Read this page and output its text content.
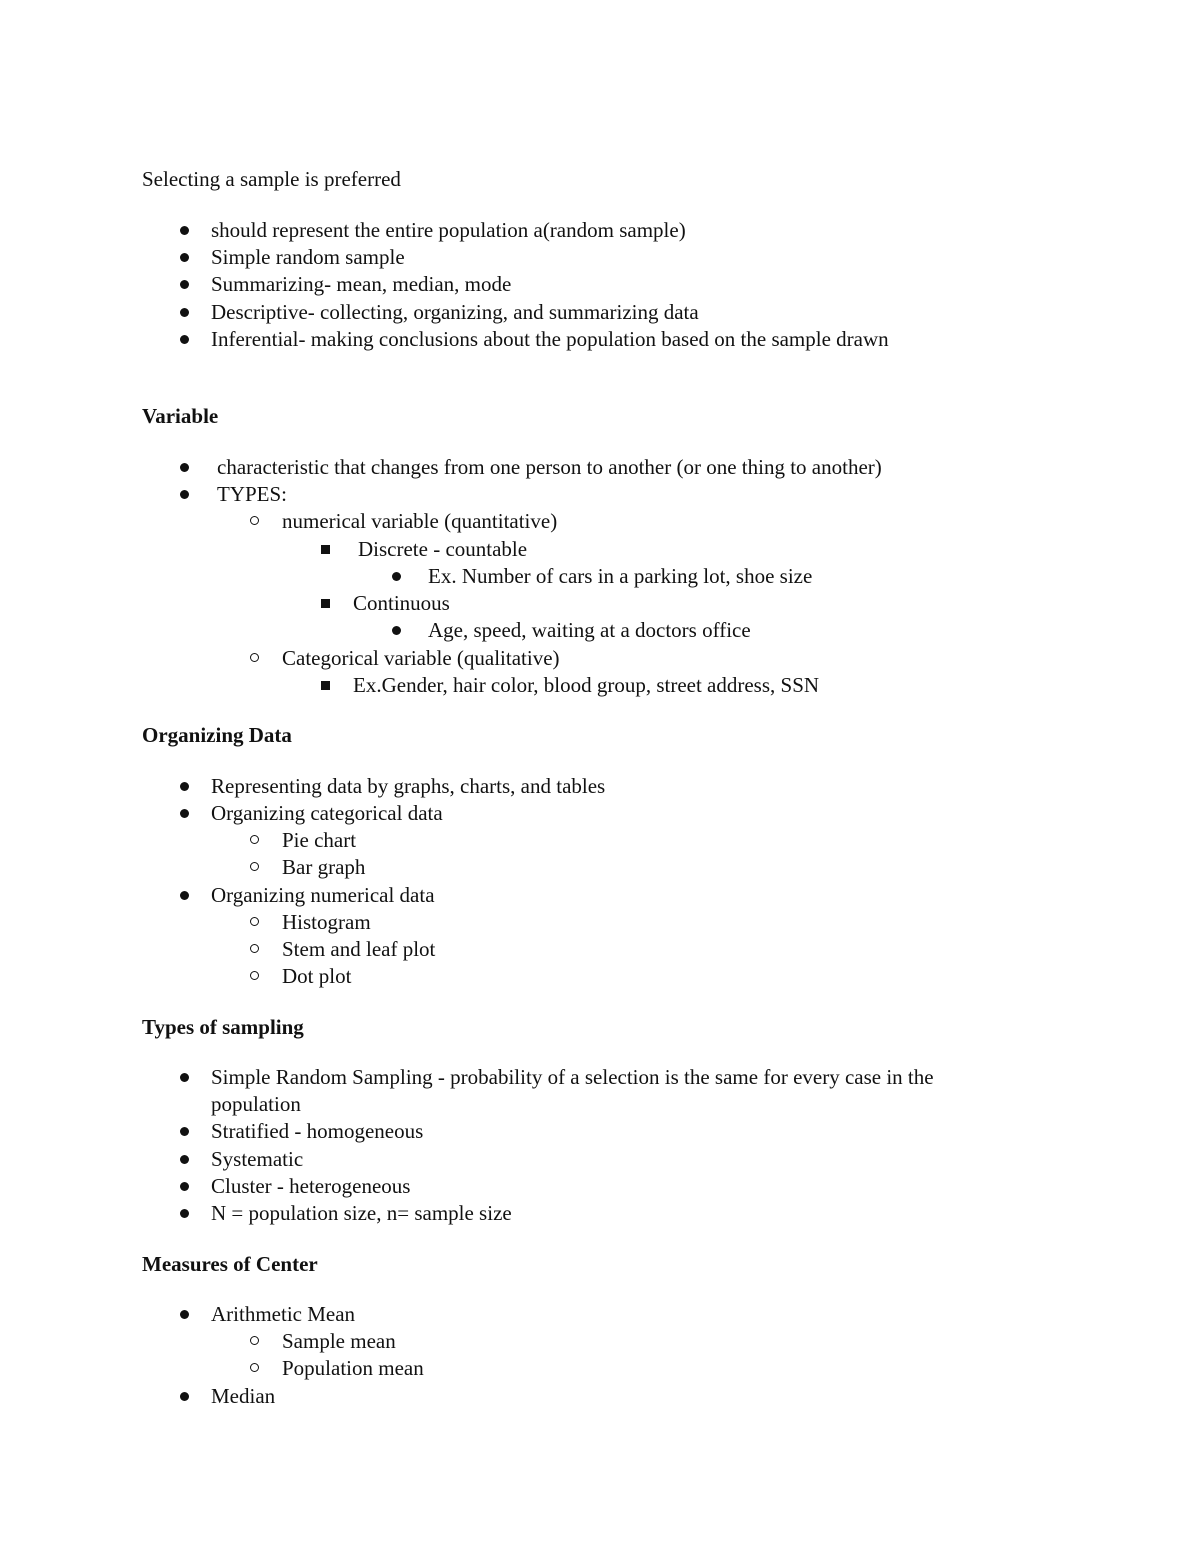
Selecting a sample is preferred
should represent the entire population a(random sample)
Simple random sample
Summarizing- mean, median, mode
Descriptive- collecting, organizing, and summarizing data
Inferential- making conclusions about the population based on the sample drawn
Variable
characteristic that changes from one person to another (or one thing to another)
TYPES:
numerical variable (quantitative)
Discrete - countable
Ex. Number of cars in a parking lot, shoe size
Continuous
Age, speed, waiting at a doctors office
Categorical variable (qualitative)
Ex.Gender, hair color, blood group, street address, SSN
Organizing Data
Representing data by graphs, charts, and tables
Organizing categorical data
Pie chart
Bar graph
Organizing numerical data
Histogram
Stem and leaf plot
Dot plot
Types of sampling
Simple Random Sampling - probability of a selection is the same for every case in the
population
Stratified - homogeneous
Systematic
Cluster - heterogeneous
N = population size, n= sample size
Measures of Center
Arithmetic Mean
Sample mean
Population mean
Median
